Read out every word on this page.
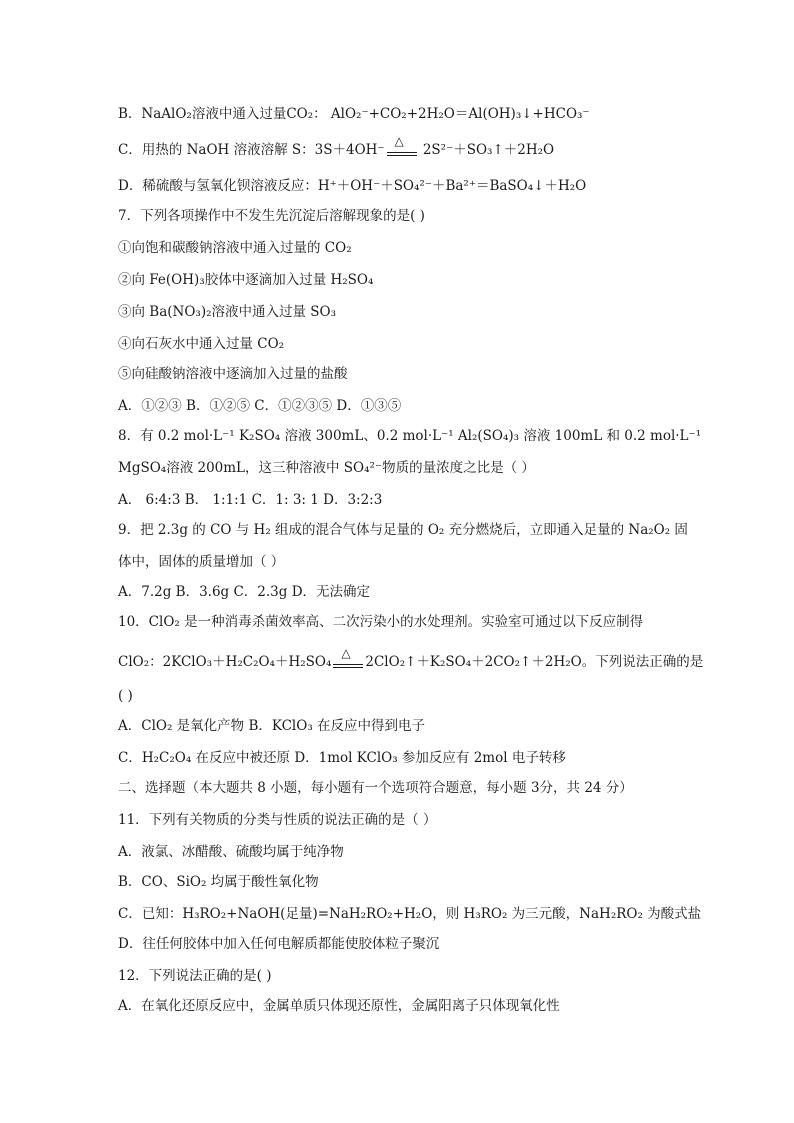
B．NaAlO₂溶液中通入过量CO₂： AlO₂⁻+CO₂+2H₂O＝Al(OH)₃↓+HCO₃⁻
C．用热的 NaOH 溶液溶解 S：3S＋4OH⁻
△
2S²⁻＋SO₃↑＋2H₂O
D．稀硫酸与氢氧化钡溶液反应：H⁺＋OH⁻＋SO₄²⁻＋Ba²⁺＝BaSO₄↓＋H₂O
7．下列各项操作中不发生先沉淀后溶解现象的是( )
①向饱和碳酸钠溶液中通入过量的 CO₂
②向 Fe(OH)₃胶体中逐滴加入过量 H₂SO₄
③向 Ba(NO₃)₂溶液中通入过量 SO₃
④向石灰水中通入过量 CO₂
⑤向硅酸钠溶液中逐滴加入过量的盐酸
A．①②③ B．①②⑤ C．①②③⑤ D．①③⑤
8．有 0.2 mol·L⁻¹ K₂SO₄ 溶液 300mL、0.2 mol·L⁻¹ Al₂(SO₄)₃ 溶液 100mL 和 0.2 mol·L⁻¹
MgSO₄溶液 200mL，这三种溶液中 SO₄²⁻物质的量浓度之比是（ ）
A． 6:4:3 B． 1:1:1 C．1: 3: 1 D．3:2:3
9．把 2.3g 的 CO 与 H₂ 组成的混合气体与足量的 O₂ 充分燃烧后，立即通入足量的 Na₂O₂ 固
体中，固体的质量增加（ ）
A．7.2g B．3.6g C．2.3g D．无法确定
10．ClO₂ 是一种消毒杀菌效率高、二次污染小的水处理剂。实验室可通过以下反应制得
ClO₂：2KClO₃＋H₂C₂O₄＋H₂SO₄
△
2ClO₂↑＋K₂SO₄＋2CO₂↑＋2H₂O。下列说法正确的是
( )
A．ClO₂ 是氧化产物 B．KClO₃ 在反应中得到电子
C．H₂C₂O₄ 在反应中被还原 D．1mol KClO₃ 参加反应有 2mol 电子转移
二、选择题（本大题共 8 小题，每小题有一个选项符合题意，每小题 3分，共 24 分）
11．下列有关物质的分类与性质的说法正确的是（ ）
A．液氯、冰醋酸、硫酸均属于纯净物
B．CO、SiO₂ 均属于酸性氧化物
C．已知：H₃RO₂+NaOH(足量)=NaH₂RO₂+H₂O，则 H₃RO₂ 为三元酸，NaH₂RO₂ 为酸式盐
D．往任何胶体中加入任何电解质都能使胶体粒子聚沉
12．下列说法正确的是( )
A．在氧化还原反应中，金属单质只体现还原性，金属阳离子只体现氧化性
